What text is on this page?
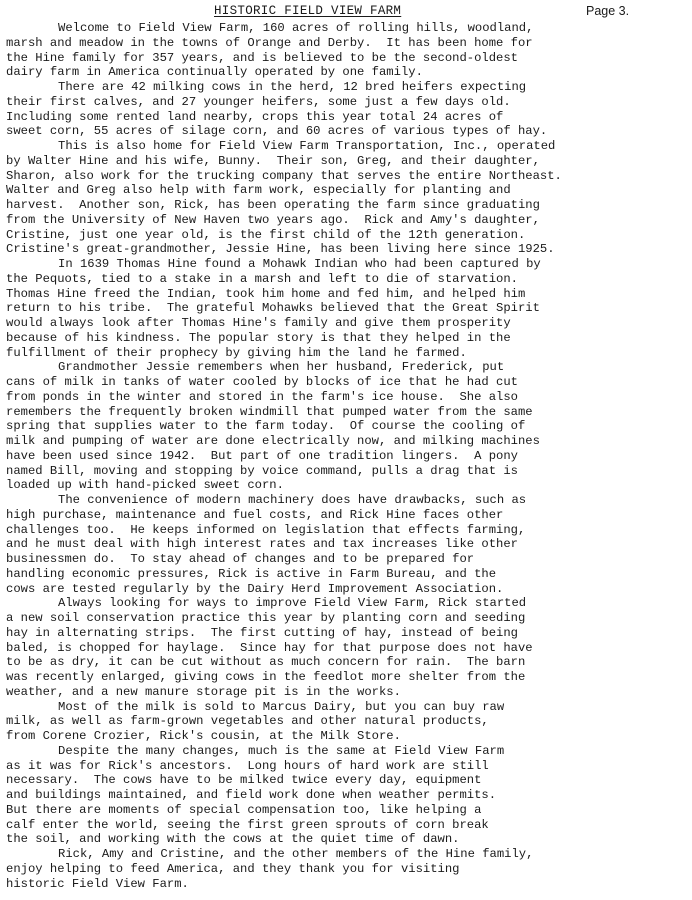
HISTORIC FIELD VIEW FARM	Page 3.
Welcome to Field View Farm, 160 acres of rolling hills, woodland,
marsh and meadow in the towns of Orange and Derby.  It has been home for
the Hine family for 357 years, and is believed to be the second-oldest
dairy farm in America continually operated by one family.
There are 42 milking cows in the herd, 12 bred heifers expecting
their first calves, and 27 younger heifers, some just a few days old.
Including some rented land nearby, crops this year total 24 acres of
sweet corn, 55 acres of silage corn, and 60 acres of various types of hay.
This is also home for Field View Farm Transportation, Inc., operated
by Walter Hine and his wife, Bunny.  Their son, Greg, and their daughter,
Sharon, also work for the trucking company that serves the entire Northeast.
Walter and Greg also help with farm work, especially for planting and
harvest.  Another son, Rick, has been operating the farm since graduating
from the University of New Haven two years ago.  Rick and Amy's daughter,
Cristine, just one year old, is the first child of the 12th generation.
Cristine's great-grandmother, Jessie Hine, has been living here since 1925.
In 1639 Thomas Hine found a Mohawk Indian who had been captured by
the Pequots, tied to a stake in a marsh and left to die of starvation.
Thomas Hine freed the Indian, took him home and fed him, and helped him
return to his tribe.  The grateful Mohawks believed that the Great Spirit
would always look after Thomas Hine's family and give them prosperity
because of his kindness. The popular story is that they helped in the
fulfillment of their prophecy by giving him the land he farmed.
Grandmother Jessie remembers when her husband, Frederick, put
cans of milk in tanks of water cooled by blocks of ice that he had cut
from ponds in the winter and stored in the farm's ice house.  She also
remembers the frequently broken windmill that pumped water from the same
spring that supplies water to the farm today.  Of course the cooling of
milk and pumping of water are done electrically now, and milking machines
have been used since 1942.  But part of one tradition lingers.  A pony
named Bill, moving and stopping by voice command, pulls a drag that is
loaded up with hand-picked sweet corn.
The convenience of modern machinery does have drawbacks, such as
high purchase, maintenance and fuel costs, and Rick Hine faces other
challenges too.  He keeps informed on legislation that effects farming,
and he must deal with high interest rates and tax increases like other
businessmen do.  To stay ahead of changes and to be prepared for
handling economic pressures, Rick is active in Farm Bureau, and the
cows are tested regularly by the Dairy Herd Improvement Association.
Always looking for ways to improve Field View Farm, Rick started
a new soil conservation practice this year by planting corn and seeding
hay in alternating strips.  The first cutting of hay, instead of being
baled, is chopped for haylage.  Since hay for that purpose does not have
to be as dry, it can be cut without as much concern for rain.  The barn
was recently enlarged, giving cows in the feedlot more shelter from the
weather, and a new manure storage pit is in the works.
Most of the milk is sold to Marcus Dairy, but you can buy raw
milk, as well as farm-grown vegetables and other natural products,
from Corene Crozier, Rick's cousin, at the Milk Store.
Despite the many changes, much is the same at Field View Farm
as it was for Rick's ancestors.  Long hours of hard work are still
necessary.  The cows have to be milked twice every day, equipment
and buildings maintained, and field work done when weather permits.
But there are moments of special compensation too, like helping a
calf enter the world, seeing the first green sprouts of corn break
the soil, and working with the cows at the quiet time of dawn.
Rick, Amy and Cristine, and the other members of the Hine family,
enjoy helping to feed America, and they thank you for visiting
historic Field View Farm.
